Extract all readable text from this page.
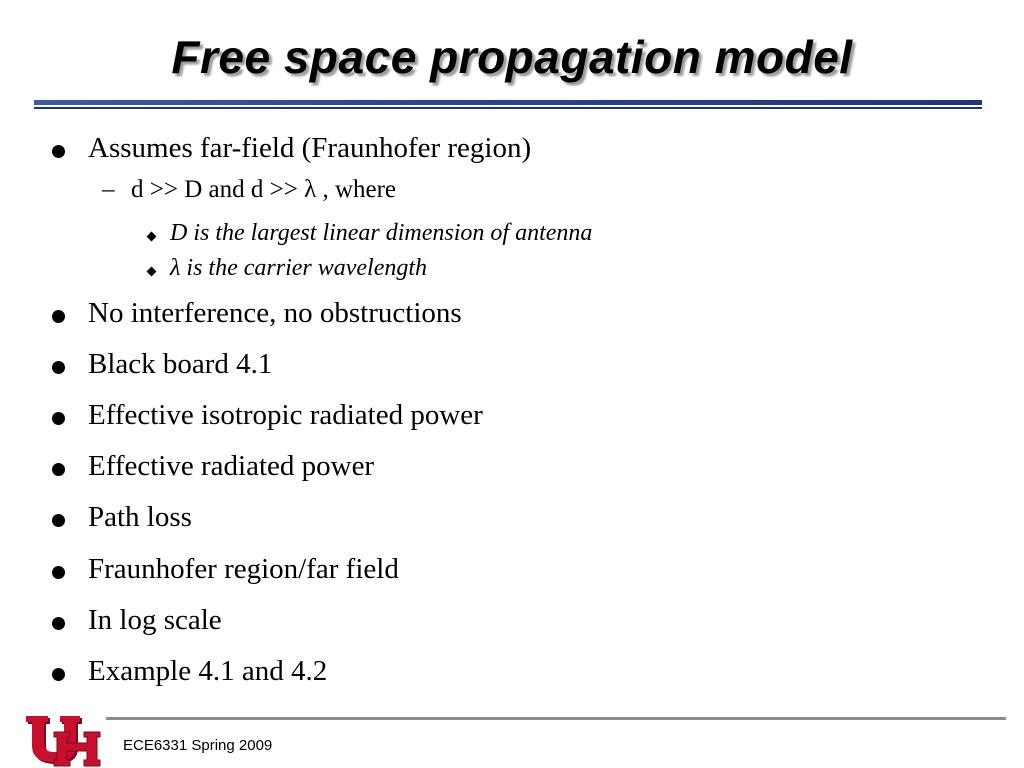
Free space propagation model
Assumes far-field (Fraunhofer region)
– d >> D and d >> λ , where
D is the largest linear dimension of antenna
λ is the carrier wavelength
No interference, no obstructions
Black board 4.1
Effective isotropic radiated power
Effective radiated power
Path loss
Fraunhofer region/far field
In log scale
Example 4.1 and 4.2
ECE6331 Spring 2009
